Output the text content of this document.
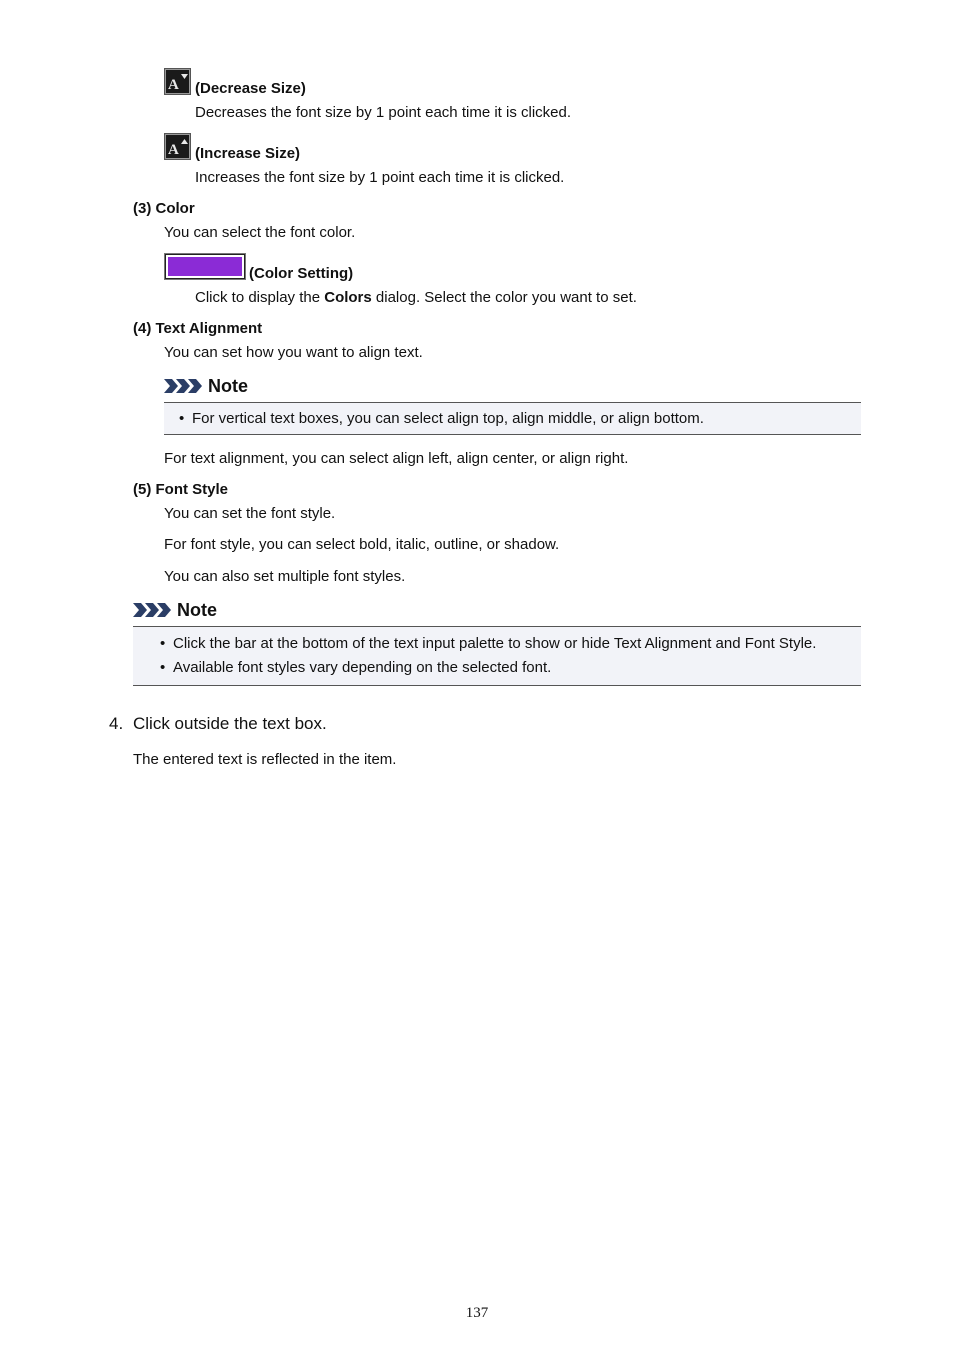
A (Decrease Size)
Decreases the font size by 1 point each time it is clicked.
A (Increase Size)
Increases the font size by 1 point each time it is clicked.
(3) Color
You can select the font color.
(Color Setting)
Click to display the Colors dialog. Select the color you want to set.
(4) Text Alignment
You can set how you want to align text.
Note
• For vertical text boxes, you can select align top, align middle, or align bottom.
For text alignment, you can select align left, align center, or align right.
(5) Font Style
You can set the font style.
For font style, you can select bold, italic, outline, or shadow.
You can also set multiple font styles.
Note
• Click the bar at the bottom of the text input palette to show or hide Text Alignment and Font Style.
• Available font styles vary depending on the selected font.
4. Click outside the text box.
The entered text is reflected in the item.
137
